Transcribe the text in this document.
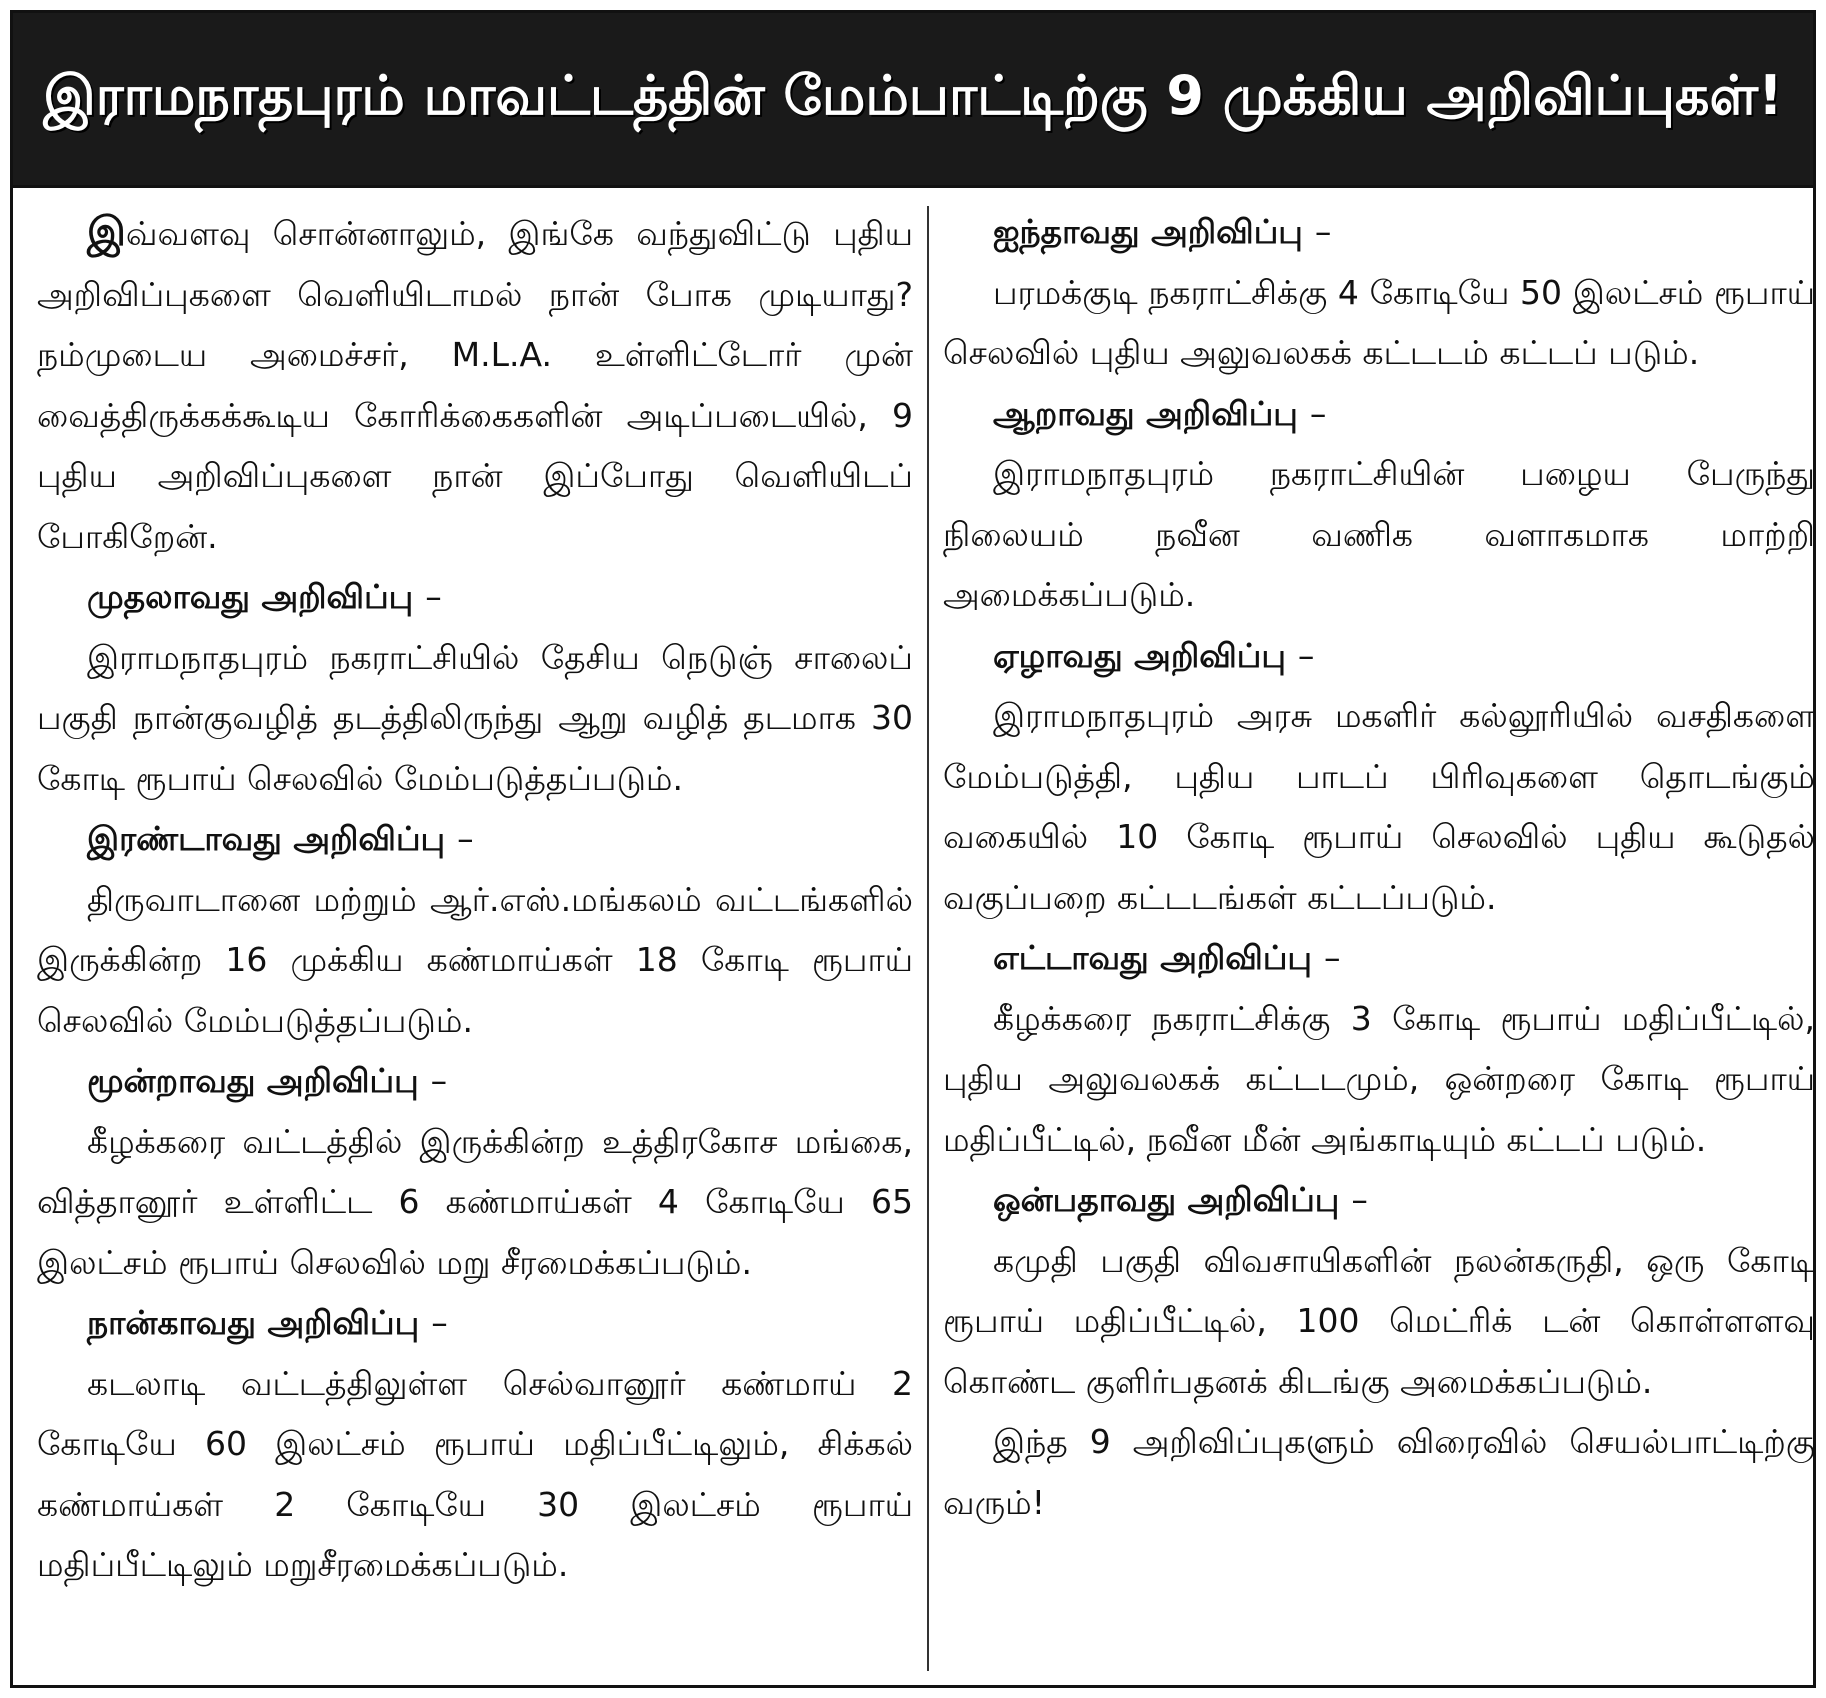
இராமநாதபுரம் மாவட்டத்தின் மேம்பாட்டிற்கு 9 முக்கிய அறிவிப்புகள்!

இவ்வளவு சொன்னாலும், இங்கே வந்துவிட்டு புதிய அறிவிப்புகளை வெளியிடாமல் நான் போக முடியாது? நம்முடைய அமைச்சர், M.L.A. உள்ளிட்டோர் முன் வைத்திருக்கக்கூடிய கோரிக்கைகளின் அடிப்படையில், 9 புதிய அறிவிப்புகளை நான் இப்போது வெளியிடப் போகிறேன்.

முதலாவது அறிவிப்பு –

இராமநாதபுரம் நகராட்சியில் தேசிய நெடுஞ் சாலைப் பகுதி நான்குவழித் தடத்திலிருந்து ஆறு வழித் தடமாக 30 கோடி ரூபாய் செலவில் மேம்படுத்தப்படும்.

இரண்டாவது அறிவிப்பு –

திருவாடானை மற்றும் ஆர்.எஸ்.மங்கலம் வட்டங்களில் இருக்கின்ற 16 முக்கிய கண்மாய்கள் 18 கோடி ரூபாய் செலவில் மேம்படுத்தப்படும்.

மூன்றாவது அறிவிப்பு –

கீழக்கரை வட்டத்தில் இருக்கின்ற உத்திரகோச மங்கை, வித்தானூர் உள்ளிட்ட 6 கண்மாய்கள் 4 கோடியே 65 இலட்சம் ரூபாய் செலவில் மறு சீரமைக்கப்படும்.

நான்காவது அறிவிப்பு –

கடலாடி வட்டத்திலுள்ள செல்வானூர் கண்மாய் 2 கோடியே 60 இலட்சம் ரூபாய் மதிப்பீட்டிலும், சிக்கல் கண்மாய்கள் 2 கோடியே 30 இலட்சம் ரூபாய் மதிப்பீட்டிலும் மறுசீரமைக்கப்படும்.

ஐந்தாவது அறிவிப்பு –

பரமக்குடி நகராட்சிக்கு 4 கோடியே 50 இலட்சம் ரூபாய் செலவில் புதிய அலுவலகக் கட்டடம் கட்டப் படும்.

ஆறாவது அறிவிப்பு –

இராமநாதபுரம் நகராட்சியின் பழைய பேருந்து நிலையம் நவீன வணிக வளாகமாக மாற்றி அமைக்கப்படும்.

ஏழாவது அறிவிப்பு –

இராமநாதபுரம் அரசு மகளிர் கல்லூரியில் வசதிகளை மேம்படுத்தி, புதிய பாடப் பிரிவுகளை தொடங்கும் வகையில் 10 கோடி ரூபாய் செலவில் புதிய கூடுதல் வகுப்பறை கட்டடங்கள் கட்டப்படும்.

எட்டாவது அறிவிப்பு –

கீழக்கரை நகராட்சிக்கு 3 கோடி ரூபாய் மதிப்பீட்டில், புதிய அலுவலகக் கட்டடமும், ஒன்றரை கோடி ரூபாய் மதிப்பீட்டில், நவீன மீன் அங்காடியும் கட்டப் படும்.

ஒன்பதாவது அறிவிப்பு –

கமுதி பகுதி விவசாயிகளின் நலன்கருதி, ஒரு கோடி ரூபாய் மதிப்பீட்டில், 100 மெட்ரிக் டன் கொள்ளளவு கொண்ட குளிர்பதனக் கிடங்கு அமைக்கப்படும்.

இந்த 9 அறிவிப்புகளும் விரைவில் செயல்பாட்டிற்கு வரும்!
